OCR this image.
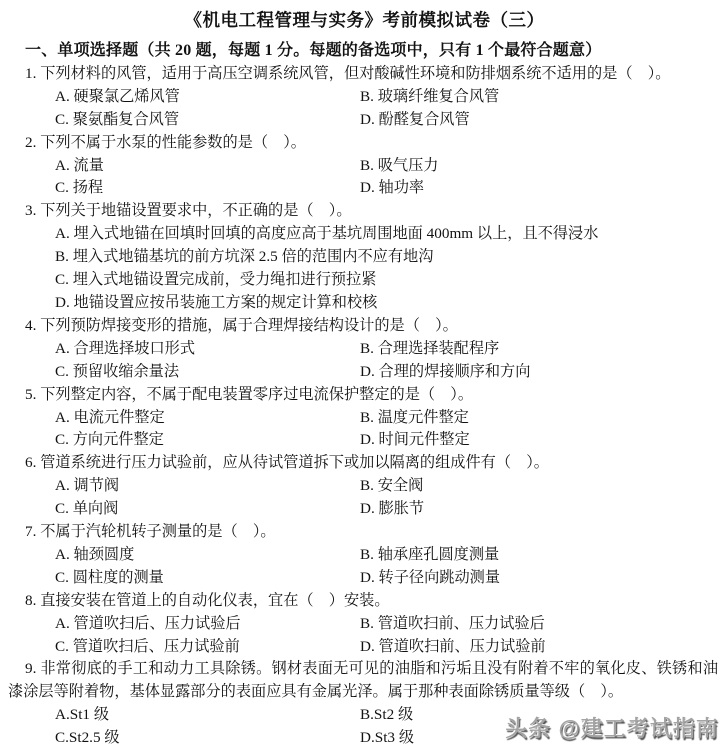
《机电工程管理与实务》考前模拟试卷（三）
一、单项选择题（共 20 题，每题 1 分。每题的备选项中，只有 1 个最符合题意）
1. 下列材料的风管，适用于高压空调系统风管，但对酸碱性环境和防排烟系统不适用的是（　）。
A. 硬聚氯乙烯风管	B. 玻璃纤维复合风管
C. 聚氨酯复合风管	D. 酚醛复合风管
2. 下列不属于水泵的性能参数的是（　）。
A. 流量	B. 吸气压力
C. 扬程	D. 轴功率
3. 下列关于地锚设置要求中，不正确的是（　）。
A. 埋入式地锚在回填时回填的高度应高于基坑周围地面 400mm 以上，且不得浸水
B. 埋入式地锚基坑的前方坑深 2.5 倍的范围内不应有地沟
C. 埋入式地锚设置完成前，受力绳扣进行预拉紧
D. 地锚设置应按吊装施工方案的规定计算和校核
4. 下列预防焊接变形的措施，属于合理焊接结构设计的是（　）。
A. 合理选择坡口形式	B. 合理选择装配程序
C. 预留收缩余量法	D. 合理的焊接顺序和方向
5. 下列整定内容，不属于配电装置零序过电流保护整定的是（　）。
A. 电流元件整定	B. 温度元件整定
C. 方向元件整定	D. 时间元件整定
6. 管道系统进行压力试验前，应从待试管道拆下或加以隔离的组成件有（　）。
A. 调节阀	B. 安全阀
C. 单向阀	D. 膨胀节
7. 不属于汽轮机转子测量的是（　）。
A. 轴颈圆度	B. 轴承座孔圆度测量
C. 圆柱度的测量	D. 转子径向跳动测量
8. 直接安装在管道上的自动化仪表，宜在（　）安装。
A. 管道吹扫后、压力试验后	B. 管道吹扫前、压力试验后
C. 管道吹扫后、压力试验前	D. 管道吹扫前、压力试验前
9. 非常彻底的手工和动力工具除锈。钢材表面无可见的油脂和污垢且没有附着不牢的氧化皮、铁锈和油漆涂层等附着物，基体显露部分的表面应具有金属光泽。属于那种表面除锈质量等级（　）。
A.St1 级	B.St2 级
C.St2.5 级	D.St3 级	头条 @建工考试指南
